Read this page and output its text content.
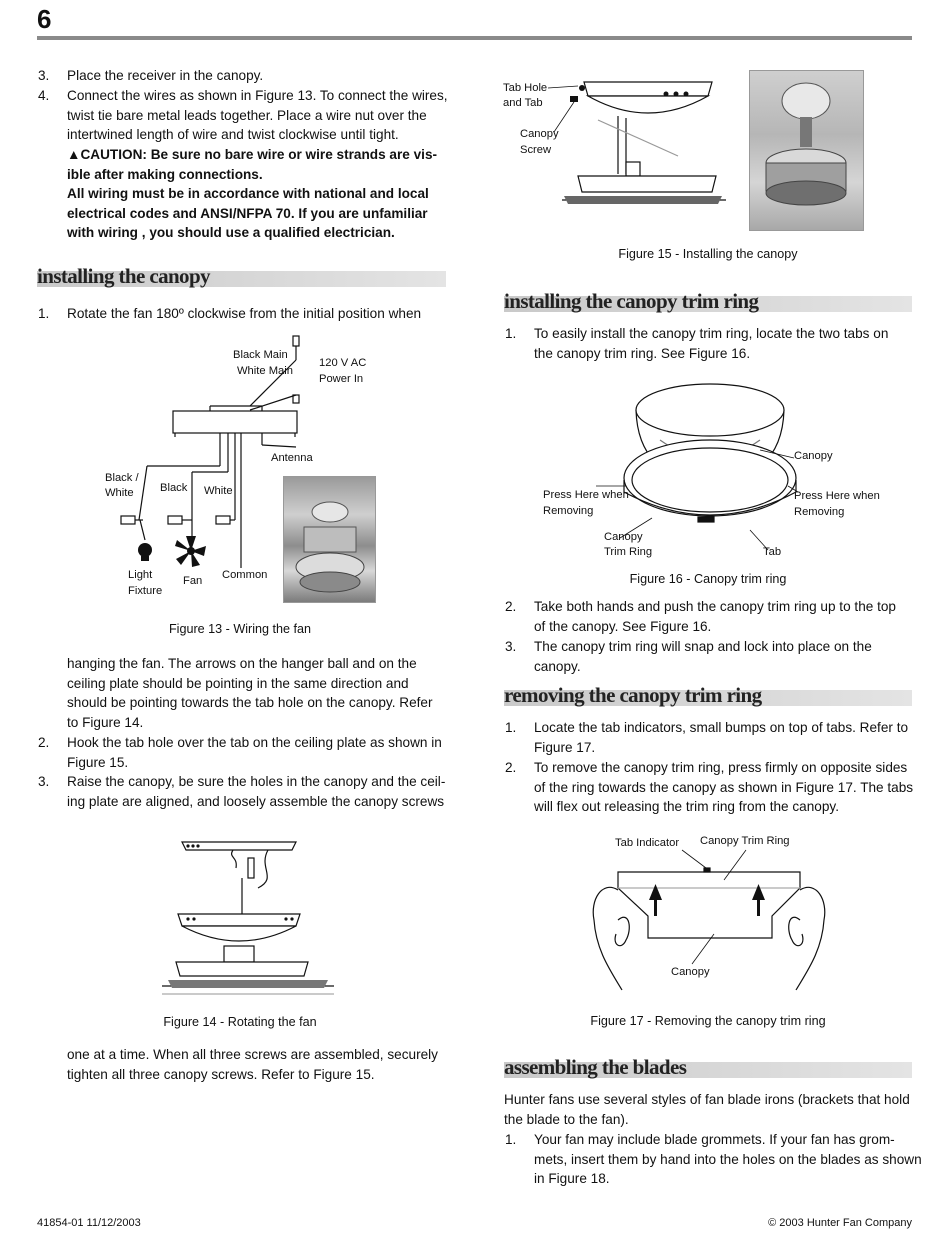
6
3. Place the receiver in the canopy.
4. Connect the wires as shown in Figure 13. To connect the wires,
twist tie bare metal leads together. Place a wire nut over the
intertwined length of wire and twist clockwise until tight.
▲CAUTION: Be sure no bare wire or wire strands are vis-
ible after making connections.
All wiring must be in accordance with national and local
electrical codes and ANSI/NFPA 70. If you are unfamiliar
with wiring , you should use a qualified electrician.
installing the canopy
1. Rotate the fan 180º clockwise from the initial position when
Black Main
White Main
120 V AC
Power In
Antenna
Black /
White Black White
Light
Fixture
Fan Common
Figure 13 - Wiring the fan
hanging the fan. The arrows on the hanger ball and on the
ceiling plate should be pointing in the same direction and
should be pointing towards the tab hole on the canopy. Refer
to Figure 14.
2. Hook the tab hole over the tab on the ceiling plate as shown in
Figure 15.
3. Raise the canopy, be sure the holes in the canopy and the ceil-
ing plate are aligned, and loosely assemble the canopy screws
Figure 14 - Rotating the fan
one at a time. When all three screws are assembled, securely
tighten all three canopy screws. Refer to Figure 15.
Tab Hole
and Tab
Canopy
Screw
Figure 15 - Installing the canopy
installing the canopy trim ring
1. To easily install the canopy trim ring, locate the two tabs on
the canopy trim ring. See Figure 16.
Canopy
Press Here when
Removing
Press Here when
Removing
Canopy
Trim Ring	Tab
Figure 16 - Canopy trim ring
2. Take both hands and push the canopy trim ring up to the top
of the canopy. See Figure 16.
3. The canopy trim ring will snap and lock into place on the
canopy.
removing the canopy trim ring
1. Locate the tab indicators, small bumps on top of tabs. Refer to
Figure 17.
2. To remove the canopy trim ring, press firmly on opposite sides
of the ring towards the canopy as shown in Figure 17. The tabs
will flex out releasing the trim ring from the canopy.
Tab Indicator Canopy Trim Ring
Canopy
Figure 17 - Removing the canopy trim ring
assembling the blades
Hunter fans use several styles of fan blade irons (brackets that hold
the blade to the fan).
1. Your fan may include blade grommets. If your fan has grom-
mets, insert them by hand into the holes on the blades as shown
in Figure 18.
41854-01 11/12/2003	© 2003 Hunter Fan Company
